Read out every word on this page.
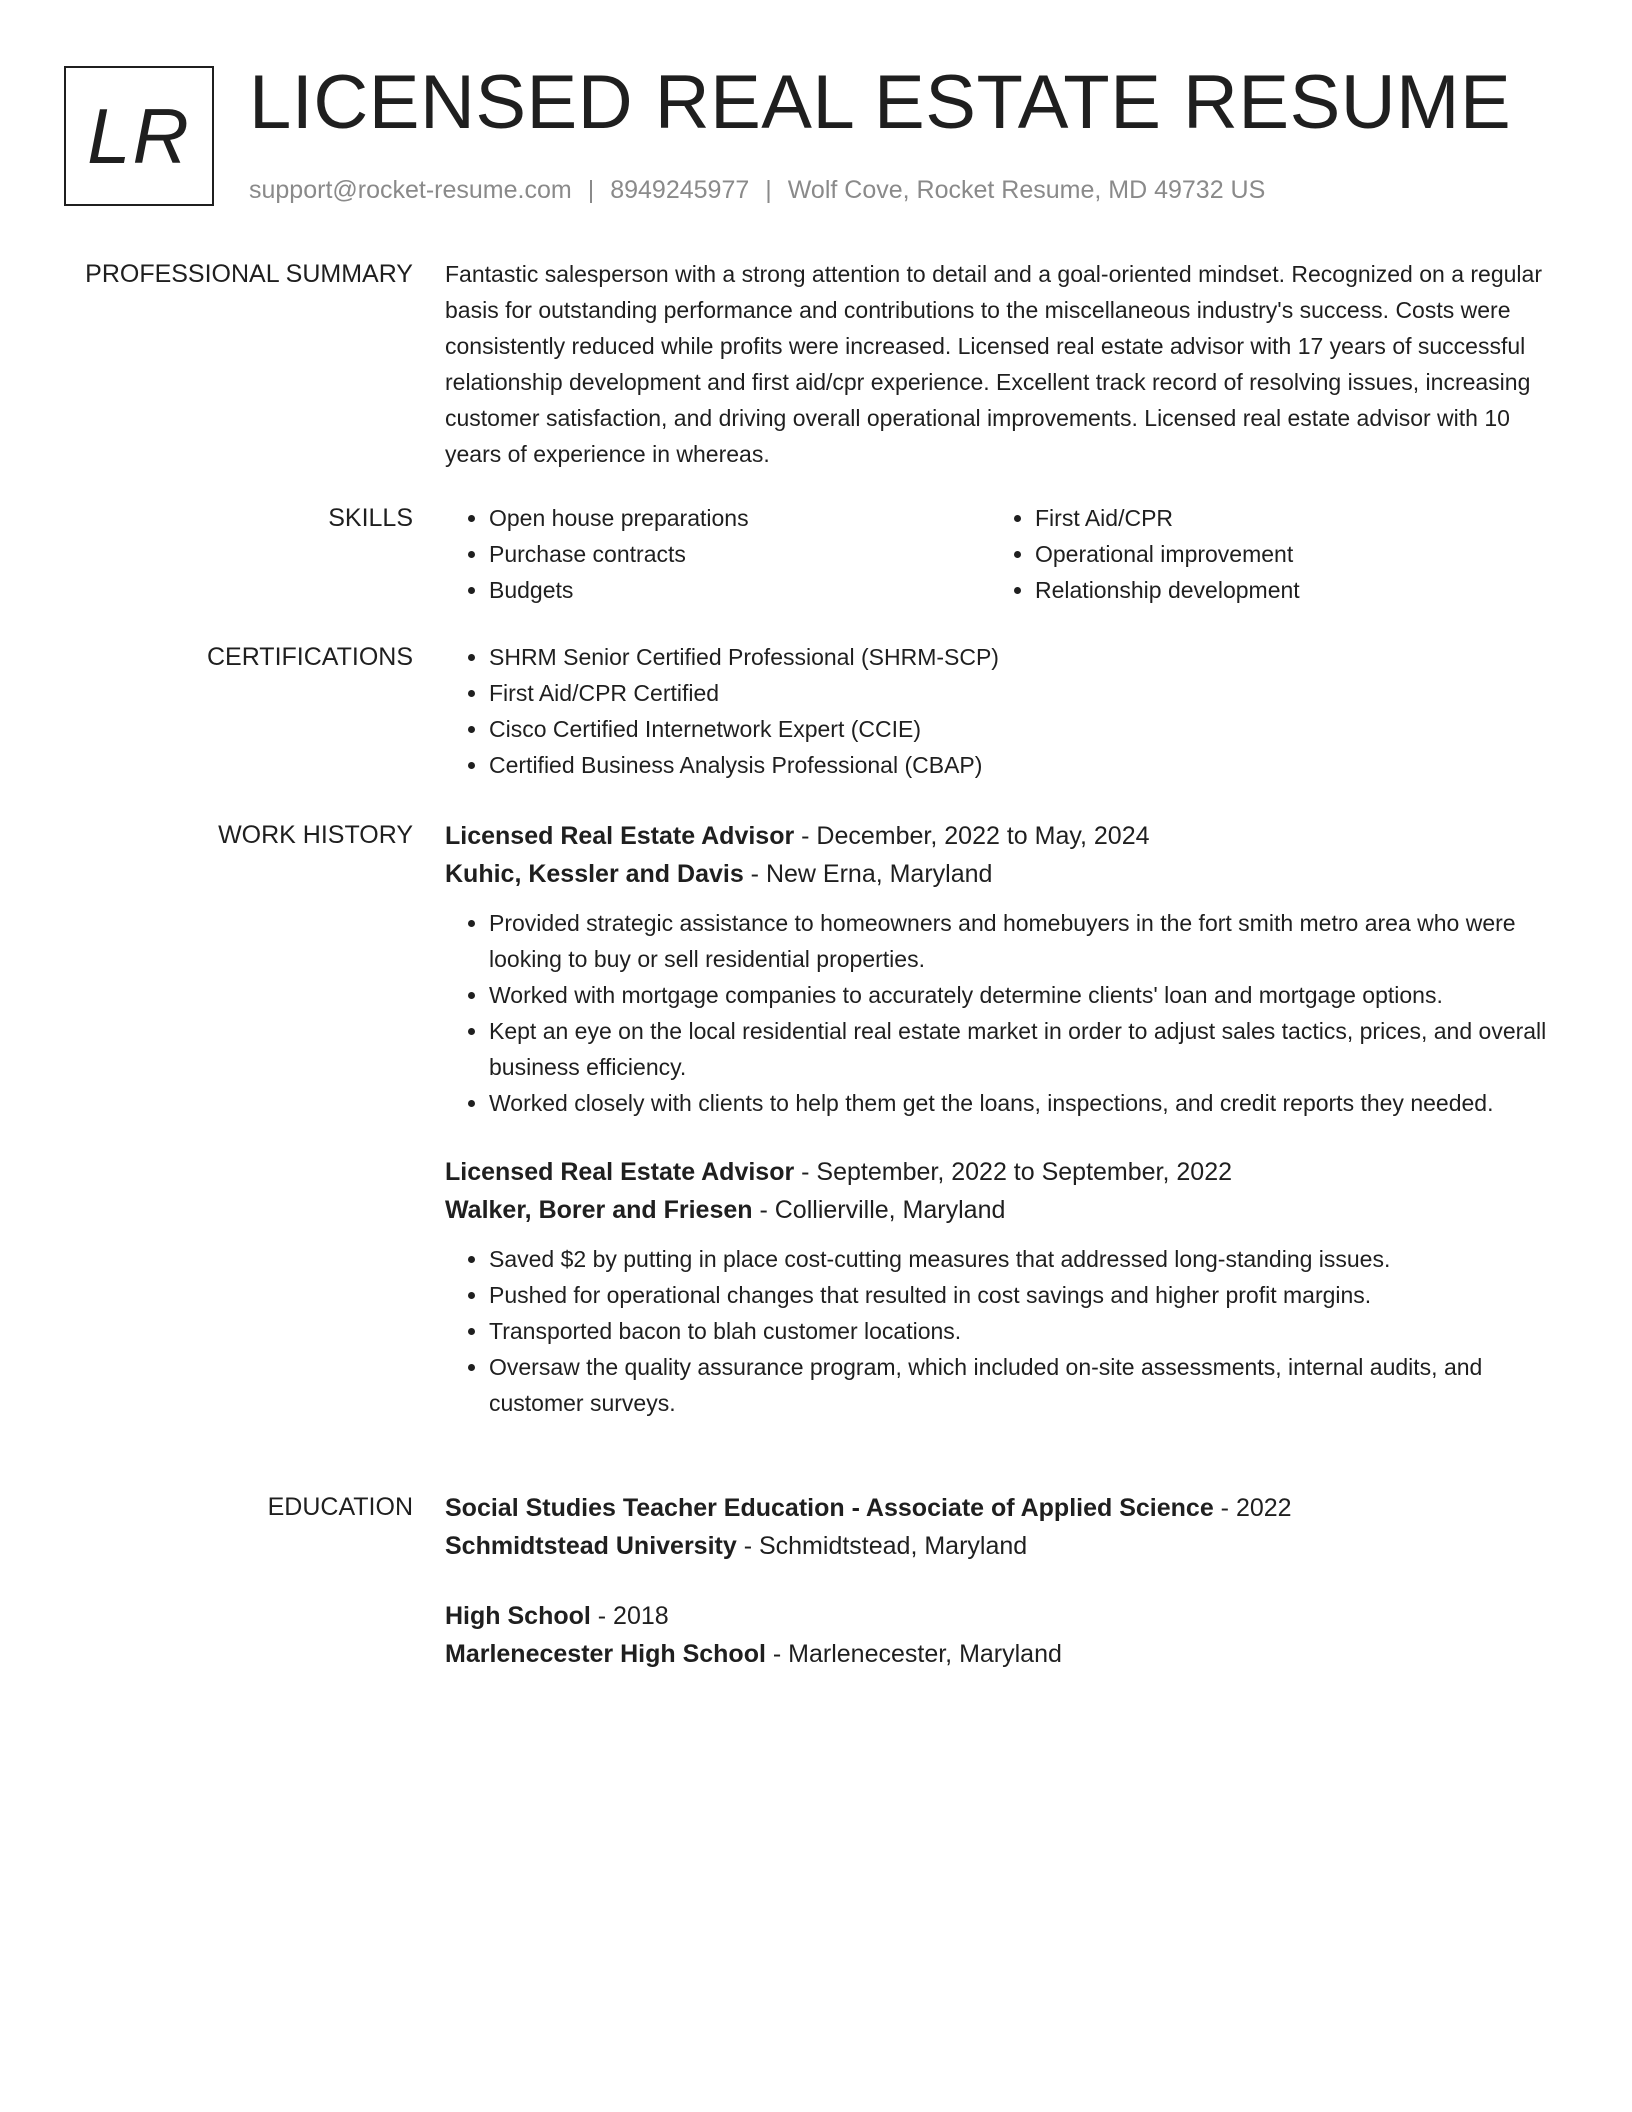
LR LICENSED REAL ESTATE RESUME
support@rocket-resume.com | 8949245977 | Wolf Cove, Rocket Resume, MD 49732 US
PROFESSIONAL SUMMARY Fantastic salesperson with a strong attention to detail and a goal-oriented mindset. Recognized on a regular basis for outstanding performance and contributions to the miscellaneous industry's success. Costs were consistently reduced while profits were increased. Licensed real estate advisor with 17 years of successful relationship development and first aid/cpr experience. Excellent track record of resolving issues, increasing customer satisfaction, and driving overall operational improvements. Licensed real estate advisor with 10 years of experience in whereas.

SKILLS	• Open house preparations
• Purchase contracts
• Budgets
• First Aid/CPR
• Operational improvement
• Relationship development
CERTIFICATIONS	• SHRM Senior Certified Professional (SHRM-SCP)
• First Aid/CPR Certified
• Cisco Certified Internetwork Expert (CCIE)
• Certified Business Analysis Professional (CBAP)
WORK HISTORY Licensed Real Estate Advisor - December, 2022 to May, 2024
Kuhic, Kessler and Davis - New Erna, Maryland
• Provided strategic assistance to homeowners and homebuyers in the fort smith metro area who were looking to buy or sell residential properties.
• Worked with mortgage companies to accurately determine clients' loan and mortgage options.
• Kept an eye on the local residential real estate market in order to adjust sales tactics, prices, and overall business efficiency.
• Worked closely with clients to help them get the loans, inspections, and credit reports they needed.
Licensed Real Estate Advisor - September, 2022 to September, 2022
Walker, Borer and Friesen - Collierville, Maryland
• Saved $2 by putting in place cost-cutting measures that addressed long-standing issues.
• Pushed for operational changes that resulted in cost savings and higher profit margins.
• Transported bacon to blah customer locations.
• Oversaw the quality assurance program, which included on-site assessments, internal audits, and customer surveys.
EDUCATION Social Studies Teacher Education - Associate of Applied Science - 2022
Schmidtstead University - Schmidtstead, Maryland
High School - 2018
Marlenecester High School - Marlenecester, Maryland
